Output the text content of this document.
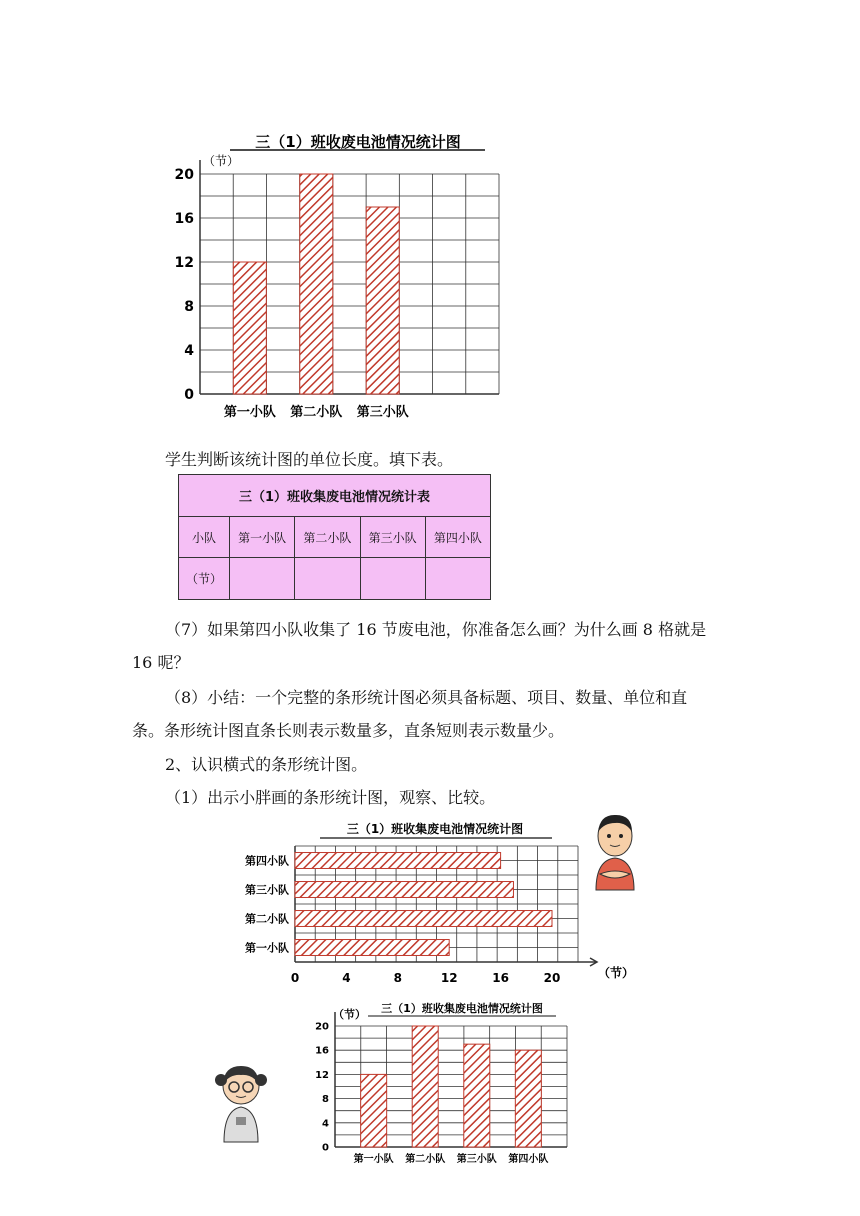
三（1）班收废电池情况统计图
（节）
0
4
8
12
16
20
第一小队 第二小队 第三小队
学生判断该统计图的单位长度。填下表。
三（1）班收集废电池情况统计表				
小队	第一小队	第二小队	第三小队	第四小队
（节）				
（7）如果第四小队收集了 16 节废电池，你准备怎么画？为什么画 8 格就是
16 呢？
（8）小结：一个完整的条形统计图必须具备标题、项目、数量、单位和直
条。条形统计图直条长则表示数量多，直条短则表示数量少。
2、认识横式的条形统计图。
（1）出示小胖画的条形统计图，观察、比较。
三（1）班收集废电池情况统计图
0	4	8	12	16	20
第四小队
第三小队
第二小队
第一小队
（节）
（节） 三（1）班收集废电池情况统计图
0
4
8
12
16
20
第一小队 第二小队 第三小队 第四小队
